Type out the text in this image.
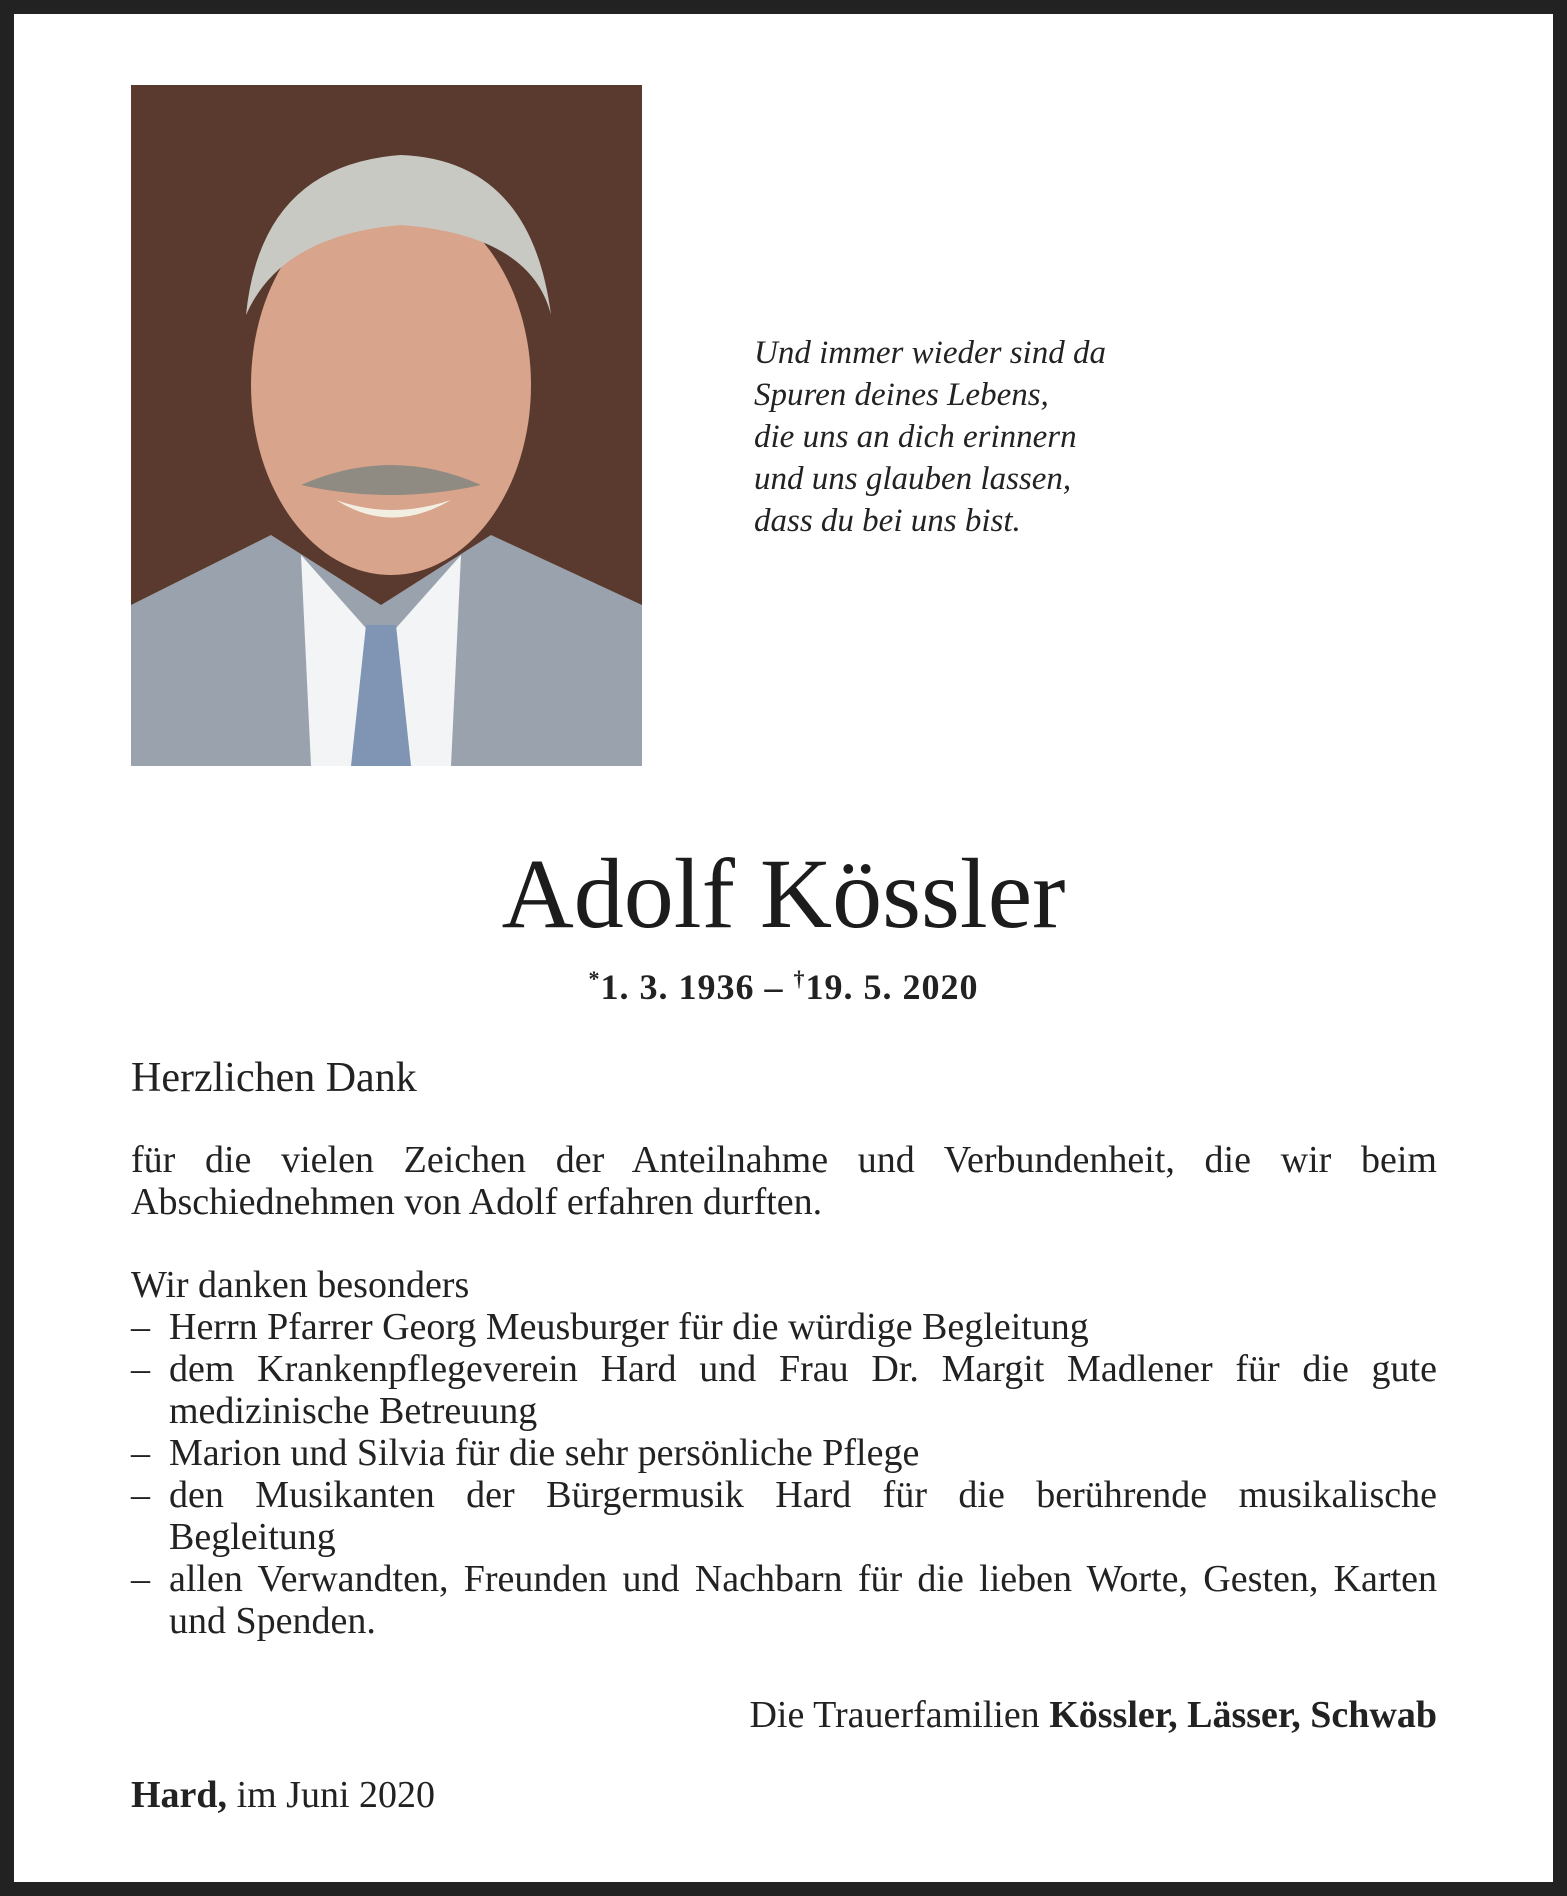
Und immer wieder sind da
Spuren deines Lebens,
die uns an dich erinnern
und uns glauben lassen,
dass du bei uns bist.
Adolf Kössler
*1. 3. 1936 – †19. 5. 2020
Herzlichen Dank
für die vielen Zeichen der Anteilnahme und Verbundenheit, die wir beim Abschiednehmen von Adolf erfahren durften.
Wir danken besonders
– Herrn Pfarrer Georg Meusburger für die würdige Begleitung
– dem Krankenpflegeverein Hard und Frau Dr. Margit Madlener für die gute medizinische Betreuung
– Marion und Silvia für die sehr persönliche Pflege
– den Musikanten der Bürgermusik Hard für die berührende musikalische Begleitung
– allen Verwandten, Freunden und Nachbarn für die lieben Worte, Gesten, Karten und Spenden.
Die Trauerfamilien Kössler, Lässer, Schwab
Hard, im Juni 2020
